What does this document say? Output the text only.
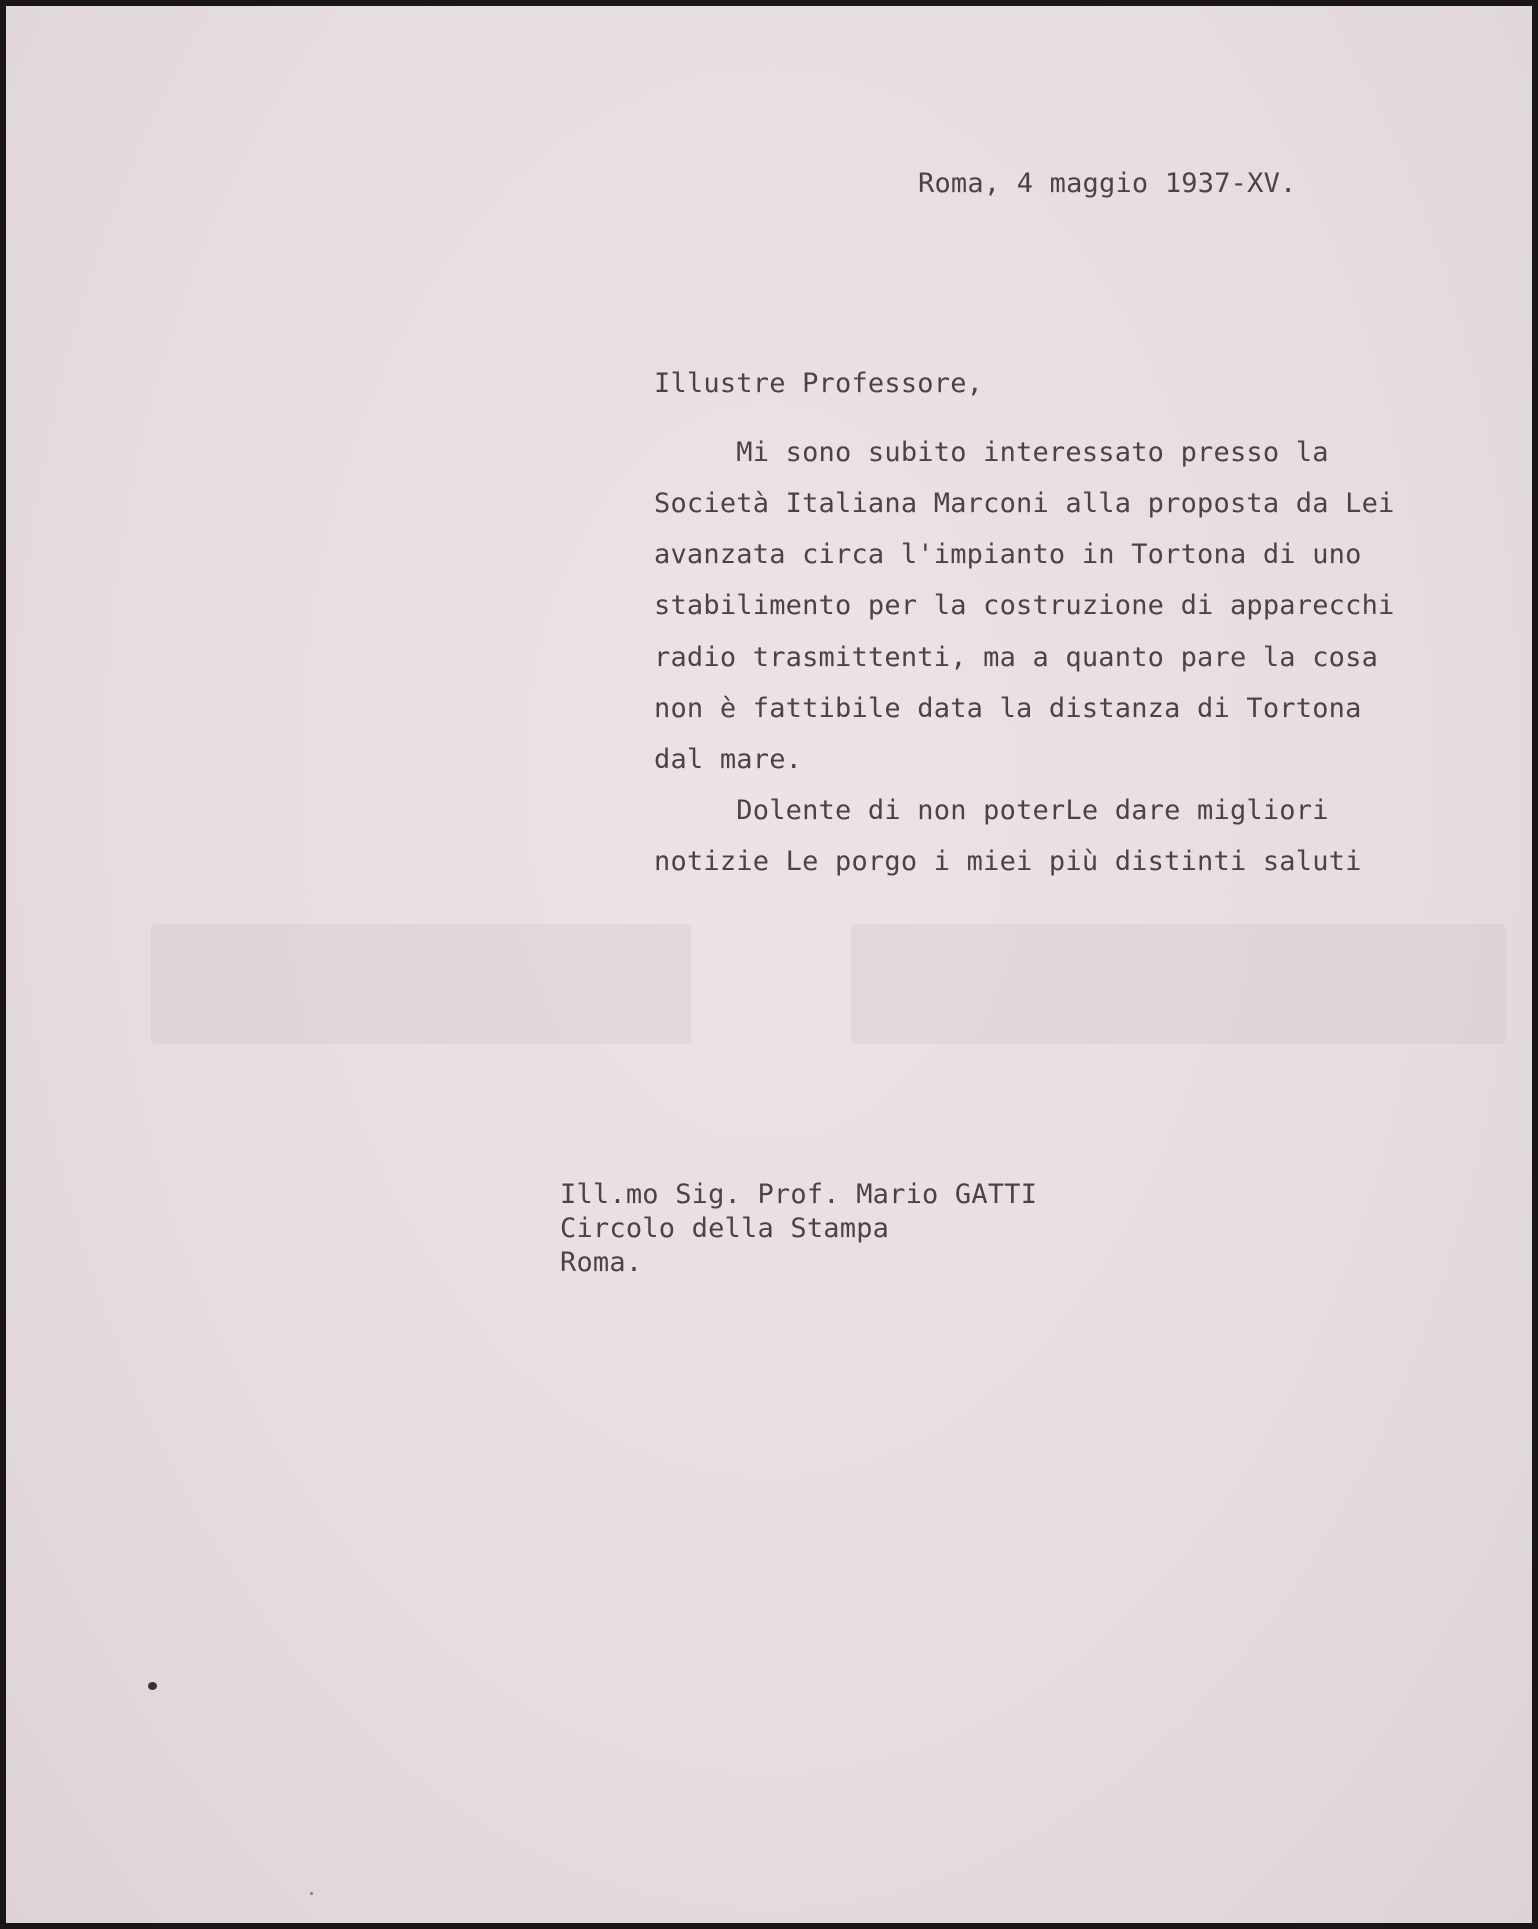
Roma, 4 maggio 1937-XV.
Illustre Professore,
Mi sono subito interessato presso la
Società Italiana Marconi alla proposta da Lei
avanzata circa l'impianto in Tortona di uno
stabilimento per la costruzione di apparecchi
radio trasmittenti, ma a quanto pare la cosa
non è fattibile data la distanza di Tortona
dal mare.
Dolente di non poterLe dare migliori
notizie Le porgo i miei più distinti saluti
Ill.mo Sig. Prof. Mario GATTI
Circolo della Stampa
Roma.
